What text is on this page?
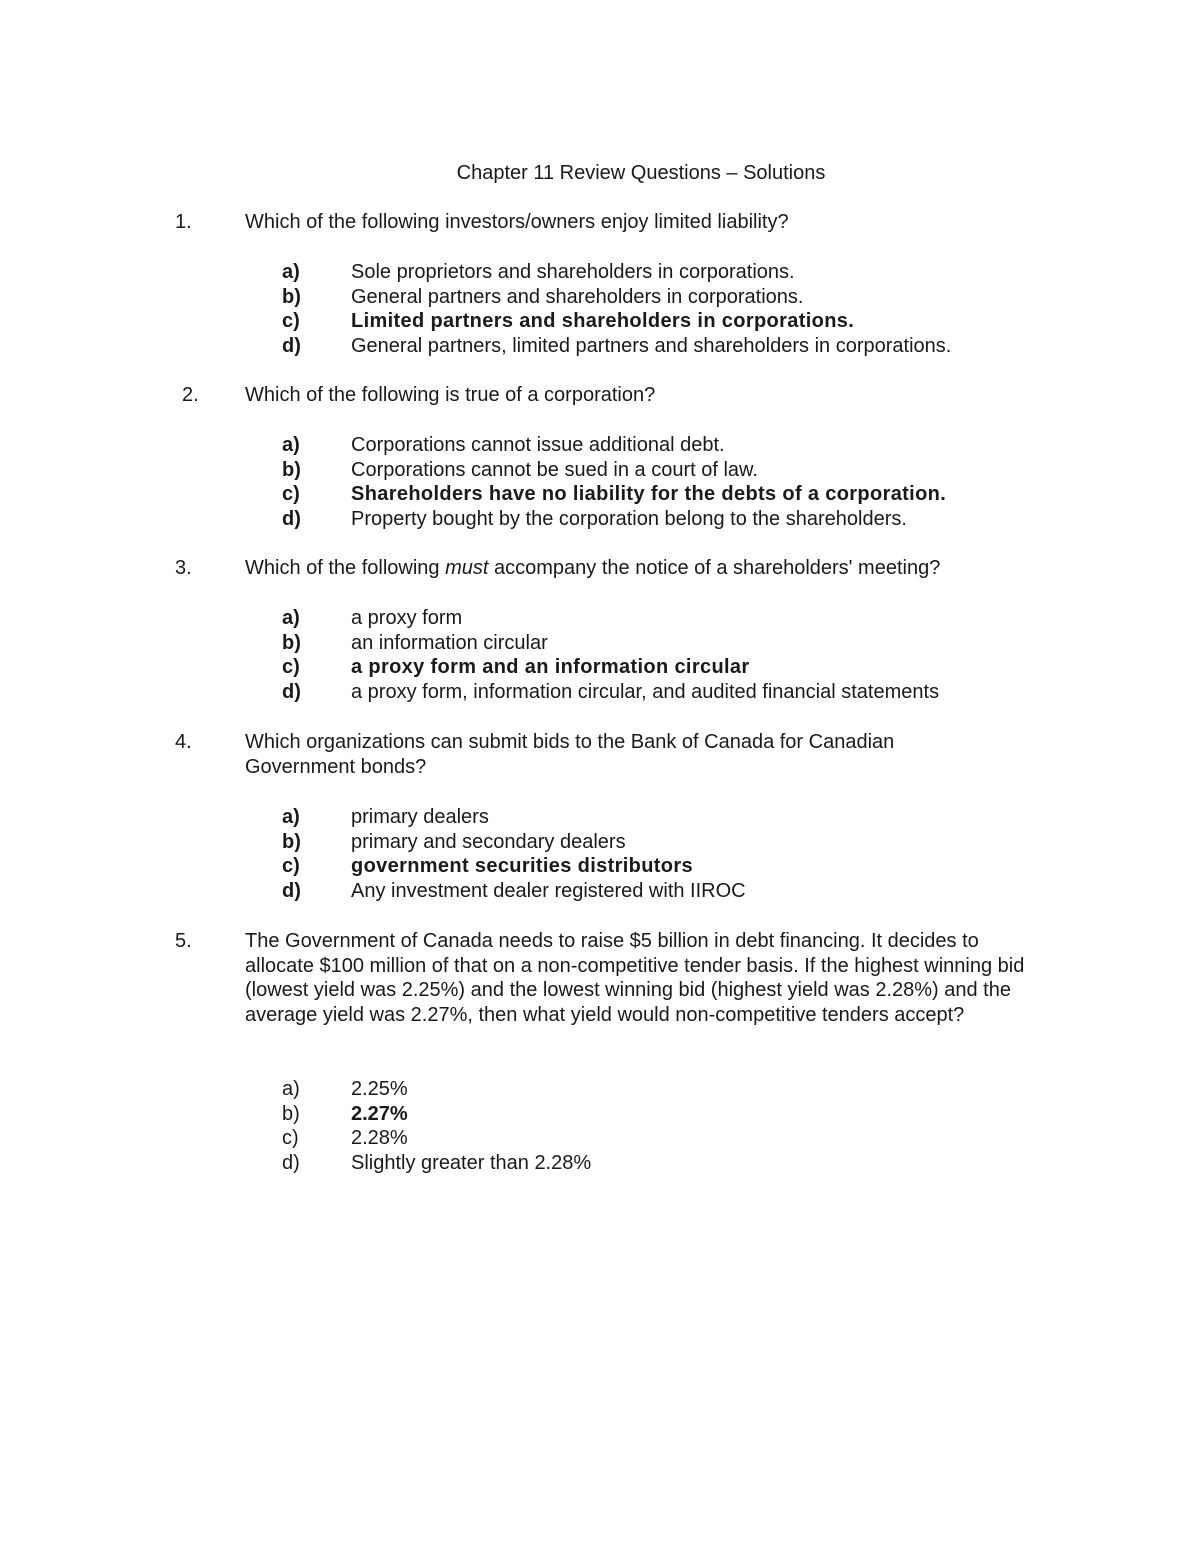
Chapter 11 Review Questions – Solutions
1.	Which of the following investors/owners enjoy limited liability?
a)	Sole proprietors and shareholders in corporations.
b)	General partners and shareholders in corporations.
c)	Limited partners and shareholders in corporations.
d)	General partners, limited partners and shareholders in corporations.
2. Which of the following is true of a corporation?
a)	Corporations cannot issue additional debt.
b)	Corporations cannot be sued in a court of law.
c)	Shareholders have no liability for the debts of a corporation.
d)	Property bought by the corporation belong to the shareholders.
3.	Which of the following must accompany the notice of a shareholders' meeting?
a)	a proxy form
b)	an information circular
c)	a proxy form and an information circular
d)	a proxy form, information circular, and audited financial statements
4.	Which organizations can submit bids to the Bank of Canada for Canadian Government bonds?
a)	primary dealers
b)	primary and secondary dealers
c)	government securities distributors
d)	Any investment dealer registered with IIROC
5.	The Government of Canada needs to raise $5 billion in debt financing. It decides to allocate $100 million of that on a non-competitive tender basis. If the highest winning bid (lowest yield was 2.25%) and the lowest winning bid (highest yield was 2.28%) and the average yield was 2.27%, then what yield would non-competitive tenders accept?
a)	2.25%
b)	2.27%
c)	2.28%
d)	Slightly greater than 2.28%
